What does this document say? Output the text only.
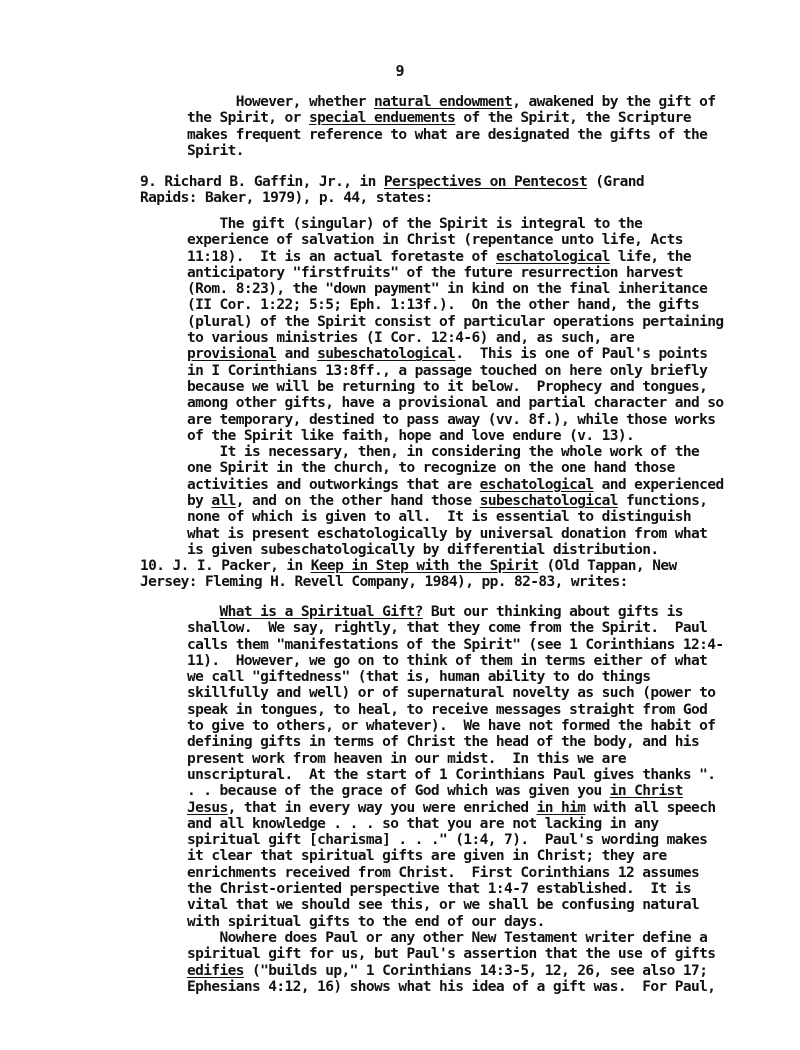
9
However, whether natural endowment, awakened by the gift of
the Spirit, or special enduements of the Spirit, the Scripture
makes frequent reference to what are designated the gifts of the
Spirit.
9. Richard B. Gaffin, Jr., in Perspectives on Pentecost (Grand
Rapids: Baker, 1979), p. 44, states:
The gift (singular) of the Spirit is integral to the
experience of salvation in Christ (repentance unto life, Acts
11:18).  It is an actual foretaste of eschatological life, the
anticipatory "firstfruits" of the future resurrection harvest
(Rom. 8:23), the "down payment" in kind on the final inheritance
(II Cor. 1:22; 5:5; Eph. 1:13f.).  On the other hand, the gifts
(plural) of the Spirit consist of particular operations pertaining
to various ministries (I Cor. 12:4-6) and, as such, are
provisional and subeschatological.  This is one of Paul's points
in I Corinthians 13:8ff., a passage touched on here only briefly
because we will be returning to it below.  Prophecy and tongues,
among other gifts, have a provisional and partial character and so
are temporary, destined to pass away (vv. 8f.), while those works
of the Spirit like faith, hope and love endure (v. 13).
It is necessary, then, in considering the whole work of the
one Spirit in the church, to recognize on the one hand those
activities and outworkings that are eschatological and experienced
by all, and on the other hand those subeschatological functions,
none of which is given to all.  It is essential to distinguish
what is present eschatologically by universal donation from what
is given subeschatologically by differential distribution.
10. J. I. Packer, in Keep in Step with the Spirit (Old Tappan, New
Jersey: Fleming H. Revell Company, 1984), pp. 82-83, writes:
What is a Spiritual Gift? But our thinking about gifts is
shallow.  We say, rightly, that they come from the Spirit.  Paul
calls them "manifestations of the Spirit" (see 1 Corinthians 12:4-
11).  However, we go on to think of them in terms either of what
we call "giftedness" (that is, human ability to do things
skillfully and well) or of supernatural novelty as such (power to
speak in tongues, to heal, to receive messages straight from God
to give to others, or whatever).  We have not formed the habit of
defining gifts in terms of Christ the head of the body, and his
present work from heaven in our midst.  In this we are
unscriptural.  At the start of 1 Corinthians Paul gives thanks ".
. . because of the grace of God which was given you in Christ
Jesus, that in every way you were enriched in him with all speech
and all knowledge . . . so that you are not lacking in any
spiritual gift [charisma] . . ." (1:4, 7).  Paul's wording makes
it clear that spiritual gifts are given in Christ; they are
enrichments received from Christ.  First Corinthians 12 assumes
the Christ-oriented perspective that 1:4-7 established.  It is
vital that we should see this, or we shall be confusing natural
with spiritual gifts to the end of our days.
Nowhere does Paul or any other New Testament writer define a
spiritual gift for us, but Paul's assertion that the use of gifts
edifies ("builds up," 1 Corinthians 14:3-5, 12, 26, see also 17;
Ephesians 4:12, 16) shows what his idea of a gift was.  For Paul,
